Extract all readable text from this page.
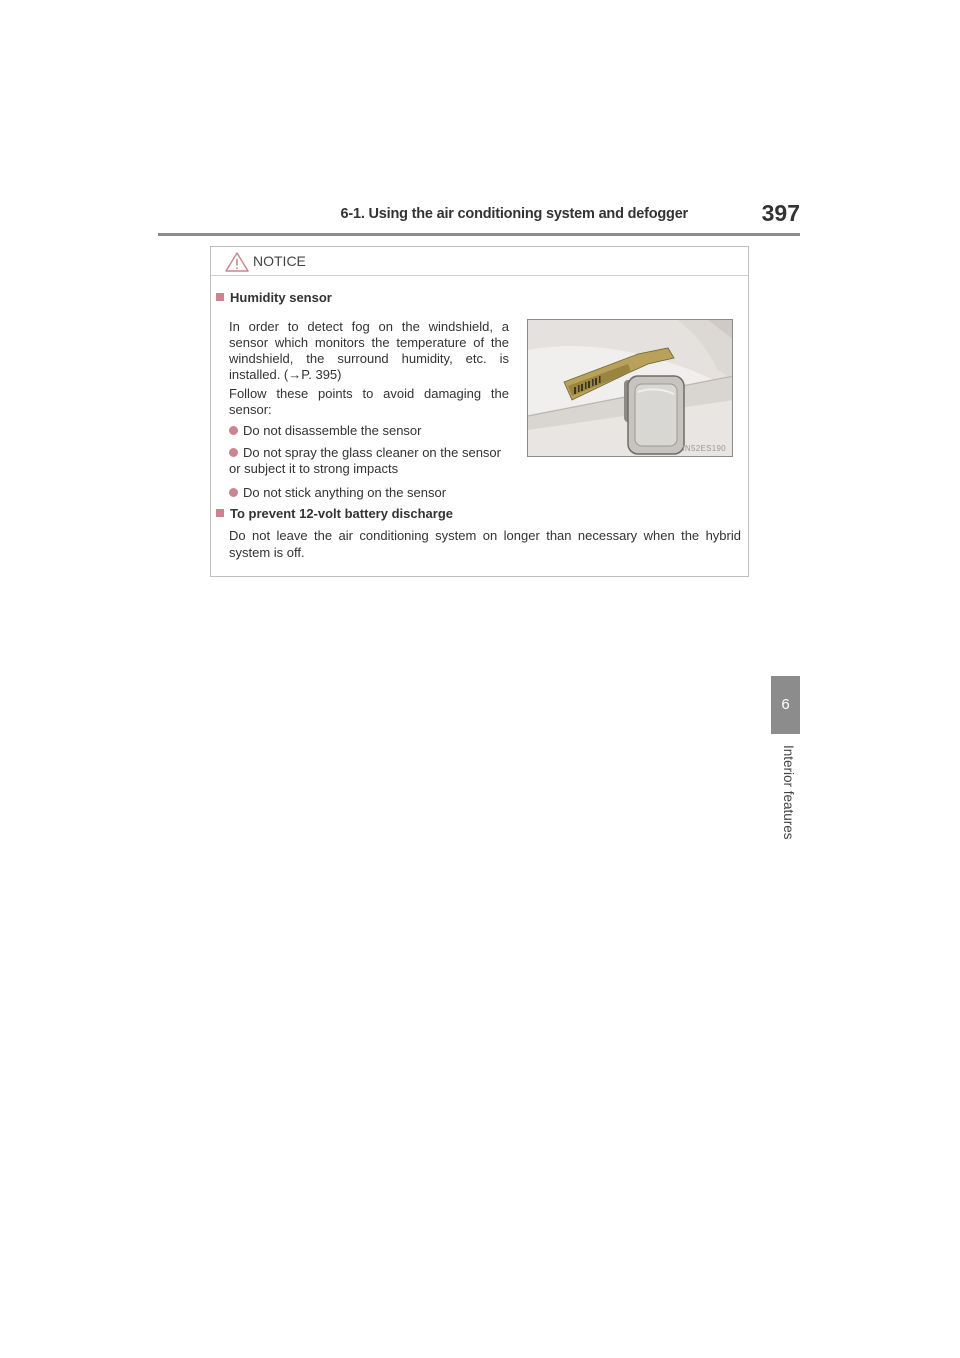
6-1. Using the air conditioning system and defogger	397
6
Interior features
NOTICE
Humidity sensor
In order to detect fog on the windshield, a sensor which monitors the temperature of the windshield, the surround humidity, etc. is installed. (→P. 395)
Follow these points to avoid damaging the sensor:
Do not disassemble the sensor
Do not spray the glass cleaner on the sensor or subject it to strong impacts
Do not stick anything on the sensor
IN52ES190
To prevent 12-volt battery discharge
Do not leave the air conditioning system on longer than necessary when the hybrid system is off.
